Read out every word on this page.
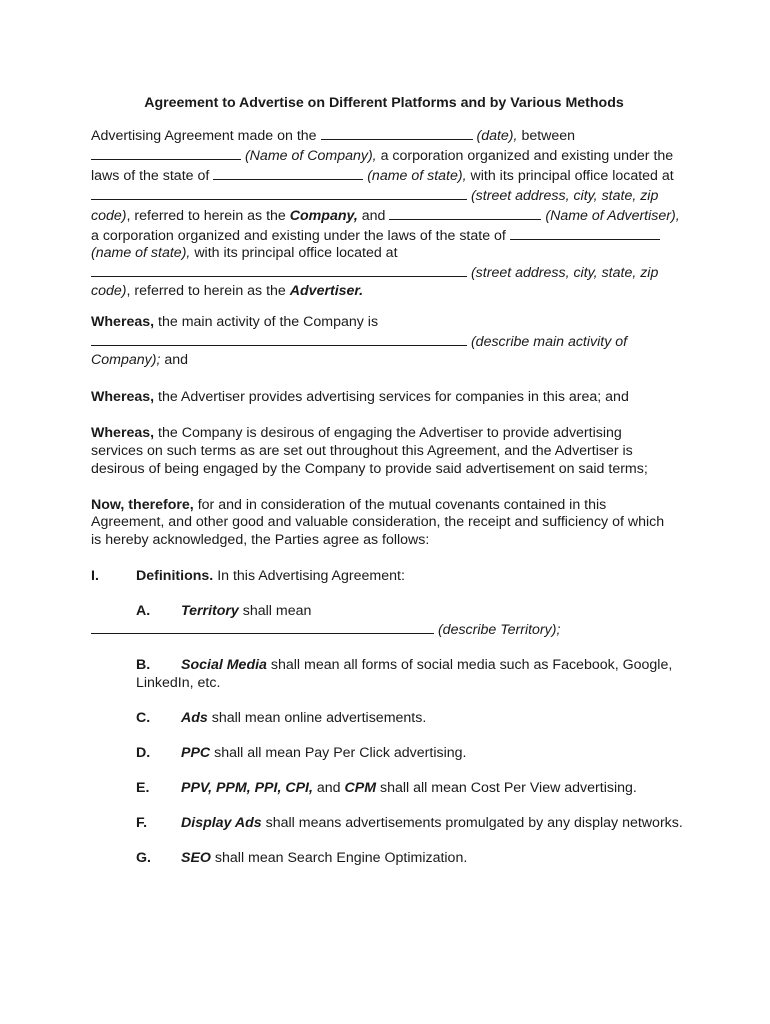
Agreement to Advertise on Different Platforms and by Various Methods

Advertising Agreement made on the	(date), between
(Name of Company), a corporation organized and existing under the laws of the state of	(name of state), with its principal office located at  (street address, city, state, zip code), referred to herein as the Company, and	(Name of Advertiser), a corporation organized and existing under the laws of the state of  (name of state), with its principal office located at
(street address, city, state, zip code), referred to herein as the Advertiser.

Whereas, the main activity of the Company is
(describe main activity of Company); and

Whereas, the Advertiser provides advertising services for companies in this area; and

Whereas, the Company is desirous of engaging the Advertiser to provide advertising services on such terms as are set out throughout this Agreement, and the Advertiser is desirous of being engaged by the Company to provide said advertisement on said terms;

Now, therefore, for and in consideration of the mutual covenants contained in this Agreement, and other good and valuable consideration, the receipt and sufficiency of which is hereby acknowledged, the Parties agree as follows:

I.	Definitions. In this Advertising Agreement:
A. Territory shall mean
(describe Territory);
B. Social Media shall mean all forms of social media such as Facebook, Google, LinkedIn, etc.
C. Ads shall mean online advertisements.
D. PPC shall all mean Pay Per Click advertising.
E. PPV, PPM, PPI, CPI, and CPM shall all mean Cost Per View advertising.
F. Display Ads shall means advertisements promulgated by any display networks.
G. SEO shall mean Search Engine Optimization.
